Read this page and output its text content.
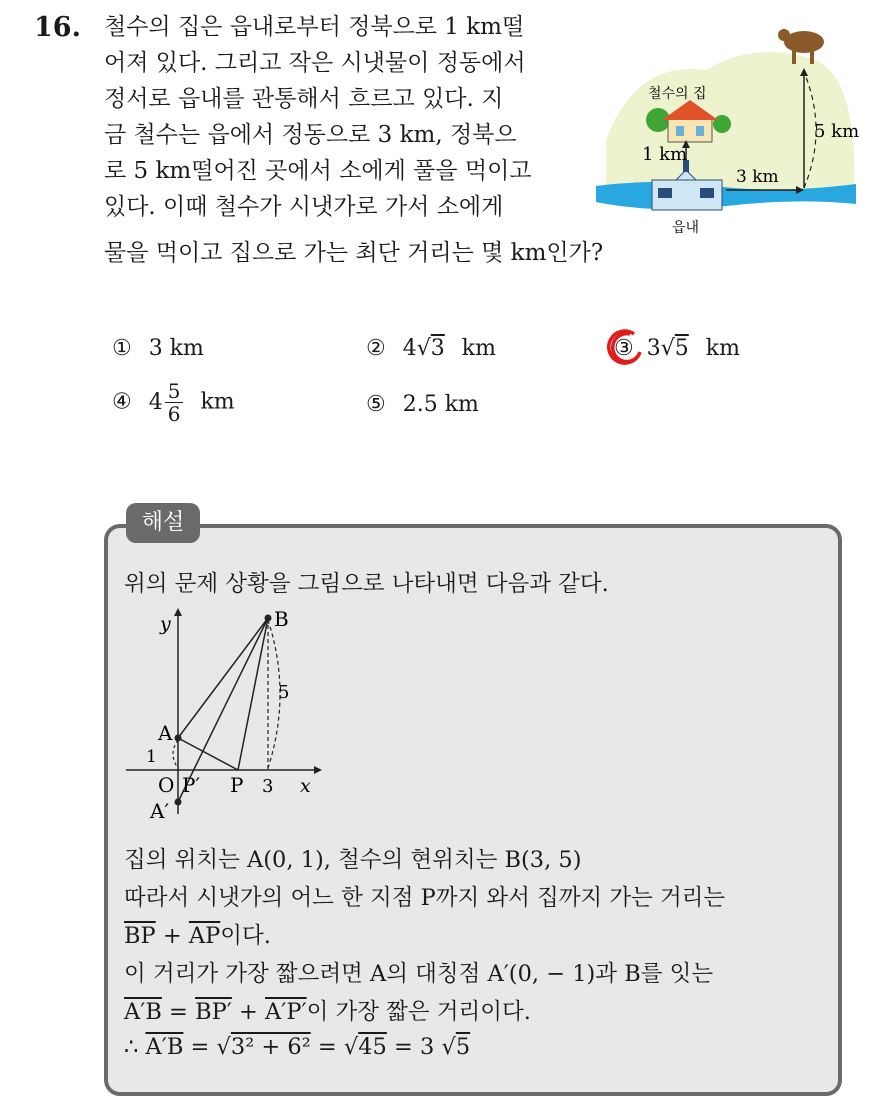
16. 철수의 집은 읍내로부터 정북으로 1 km떨
어져 있다. 그리고 작은 시냇물이 정동에서
정서로 읍내를 관통해서 흐르고 있다. 지
금 철수는 읍에서 정동으로 3 km, 정북으
로 5 km떨어진 곳에서 소에게 풀을 먹이고
있다. 이때 철수가 시냇가로 가서 소에게
물을 먹이고 집으로 가는 최단 거리는 몇 km인가?
철수의 집
1 km
3 km
5 km
읍내
① 3 km	② 4√3 km	③ 3√5 km
④ $4 \frac{5}{6}$ km	⑤ 2.5 km
해설
위의 문제 상황을 그림으로 나타내면 다음과 같다.
y
x
B
A
O P′ P 3
5
1
A′
집의 위치는 A(0, 1), 철수의 현위치는 B(3, 5)
따라서 시냇가의 어느 한 지점 P까지 와서 집까지 가는 거리는
$\overline{BP} + \overline{AP}$이다.
이 거리가 가장 짧으려면 A의 대칭점 A′(0, − 1)과 B를 잇는
A′B = BP′ + A′P′이 가장 짧은 거리이다.
∴ A′B = √3² + 6² = √45 = 3 √5
